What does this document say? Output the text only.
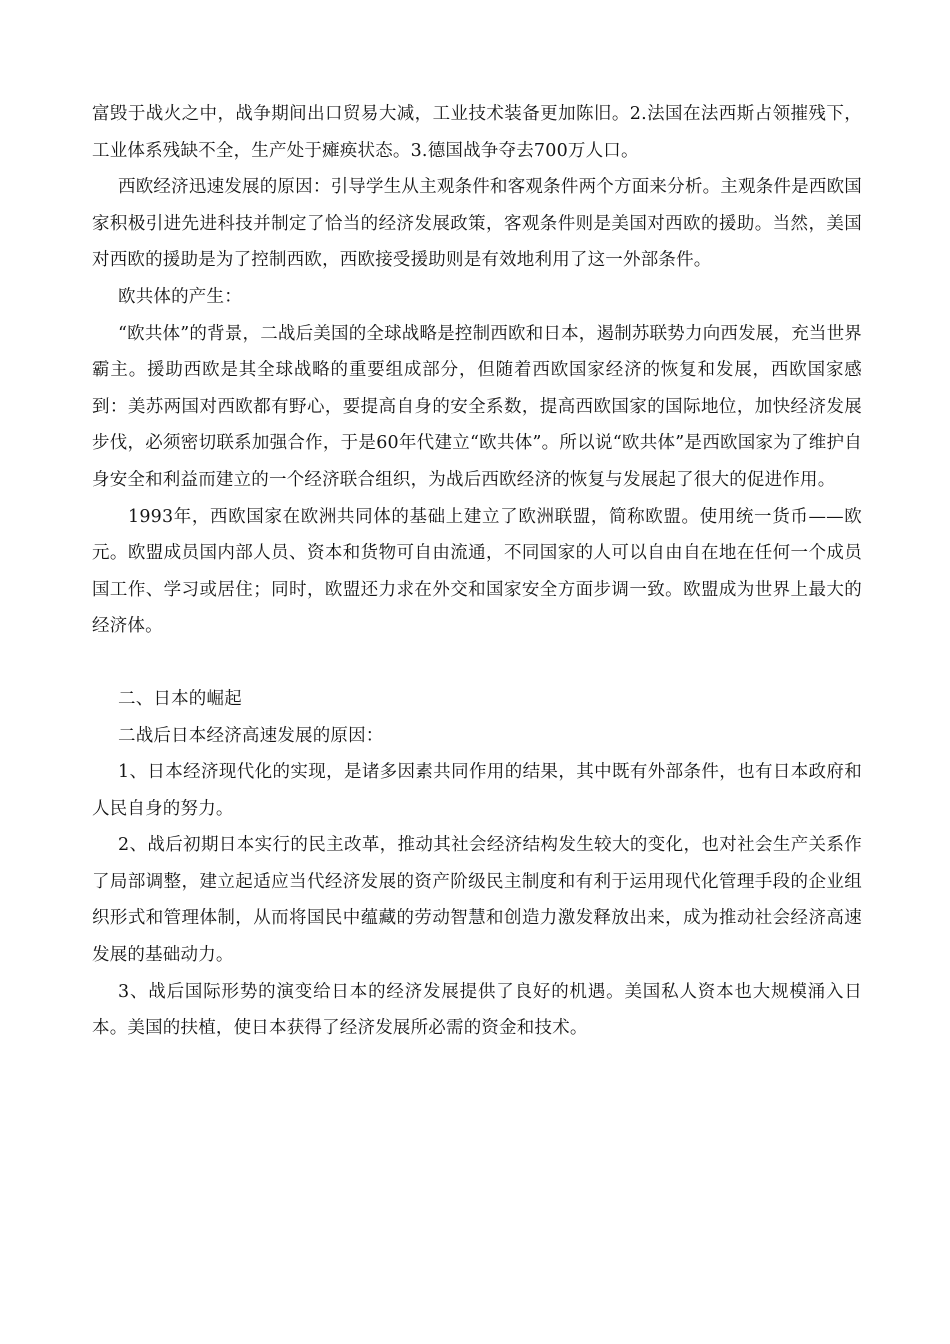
富毁于战火之中，战争期间出口贸易大减，工业技术装备更加陈旧。2.法国在法西斯占领摧残下，工业体系残缺不全，生产处于瘫痪状态。3.德国战争夺去700万人口。

西欧经济迅速发展的原因：引导学生从主观条件和客观条件两个方面来分析。主观条件是西欧国家积极引进先进科技并制定了恰当的经济发展政策，客观条件则是美国对西欧的援助。当然，美国对西欧的援助是为了控制西欧，西欧接受援助则是有效地利用了这一外部条件。

欧共体的产生：

“欧共体”的背景，二战后美国的全球战略是控制西欧和日本，遏制苏联势力向西发展，充当世界霸主。援助西欧是其全球战略的重要组成部分，但随着西欧国家经济的恢复和发展，西欧国家感到：美苏两国对西欧都有野心，要提高自身的安全系数，提高西欧国家的国际地位，加快经济发展步伐，必须密切联系加强合作，于是60年代建立“欧共体”。所以说“欧共体”是西欧国家为了维护自身安全和利益而建立的一个经济联合组织，为战后西欧经济的恢复与发展起了很大的促进作用。

1993年，西欧国家在欧洲共同体的基础上建立了欧洲联盟，简称欧盟。使用统一货币——欧元。欧盟成员国内部人员、资本和货物可自由流通，不同国家的人可以自由自在地在任何一个成员国工作、学习或居住；同时，欧盟还力求在外交和国家安全方面步调一致。欧盟成为世界上最大的经济体。

二、日本的崛起

二战后日本经济高速发展的原因：

1、日本经济现代化的实现，是诸多因素共同作用的结果，其中既有外部条件，也有日本政府和人民自身的努力。

2、战后初期日本实行的民主改革，推动其社会经济结构发生较大的变化，也对社会生产关系作了局部调整，建立起适应当代经济发展的资产阶级民主制度和有利于运用现代化管理手段的企业组织形式和管理体制，从而将国民中蕴藏的劳动智慧和创造力激发释放出来，成为推动社会经济高速发展的基础动力。

3、战后国际形势的演变给日本的经济发展提供了良好的机遇。美国私人资本也大规模涌入日本。美国的扶植，使日本获得了经济发展所必需的资金和技术。
